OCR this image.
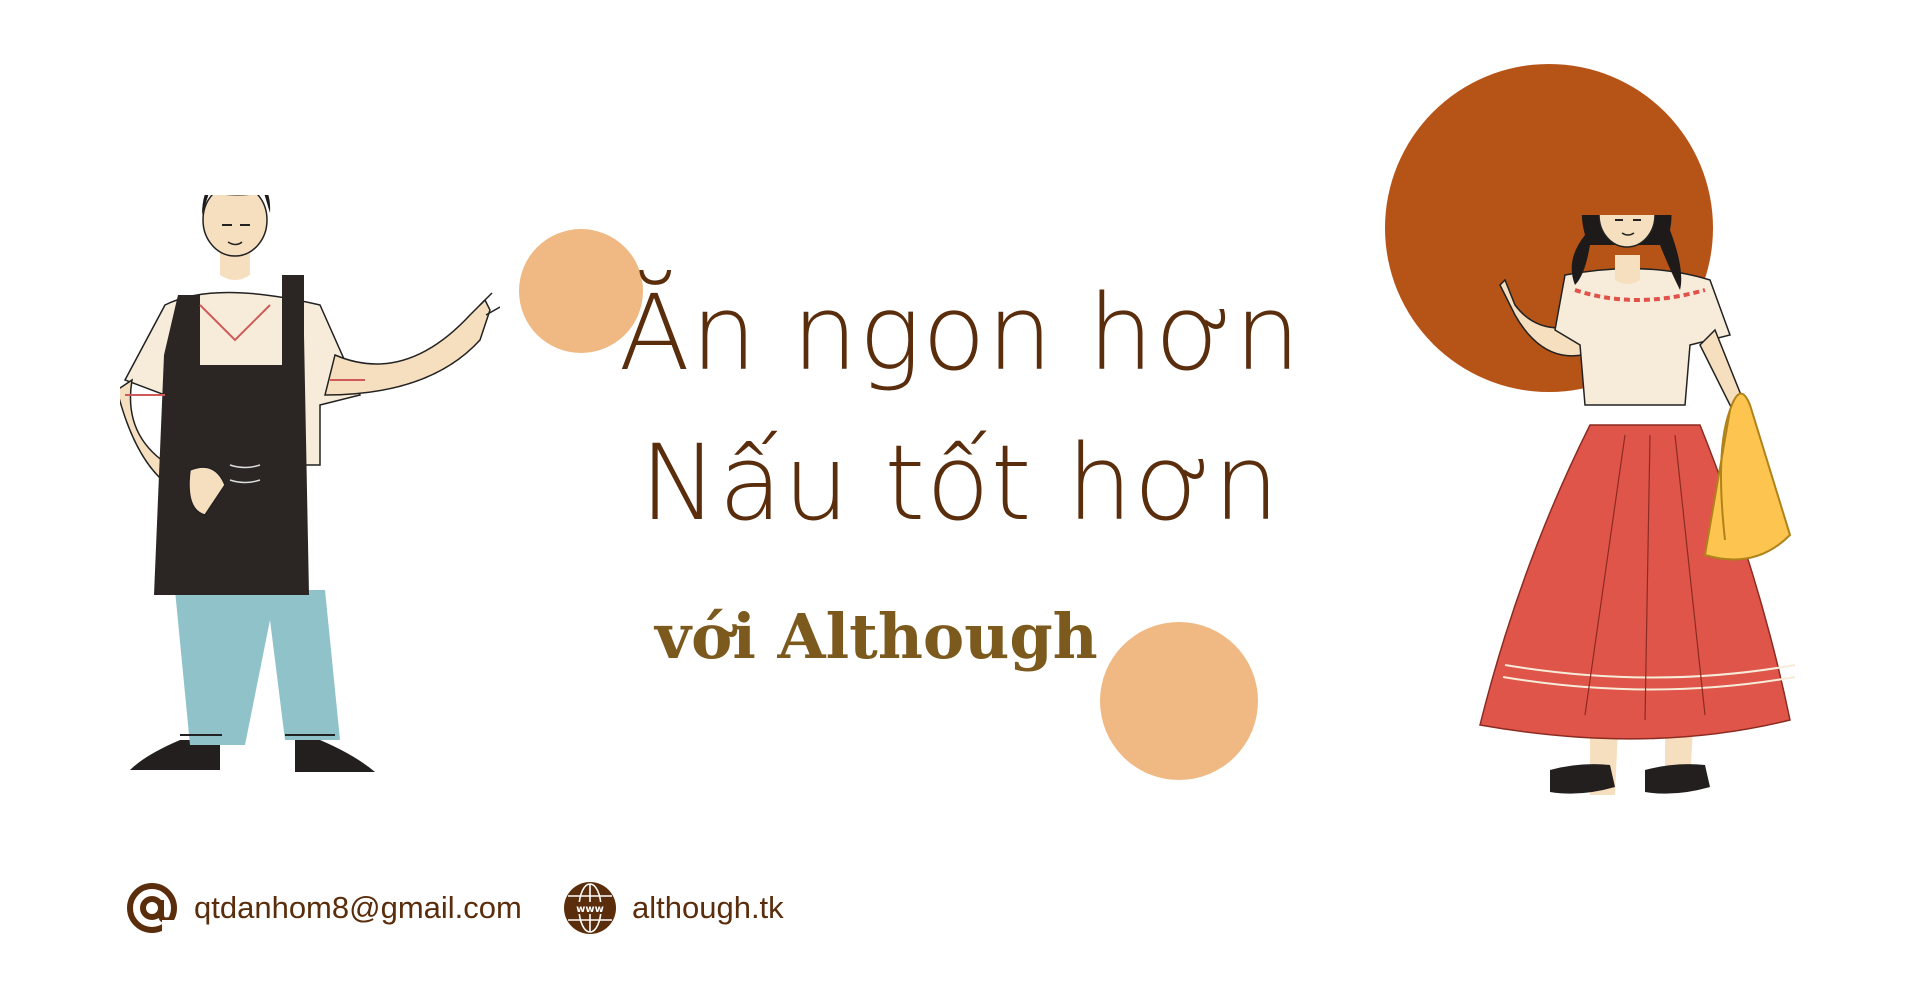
Ăn ngon hơn
Nấu tốt hơn
với Although
qtdanhom8@gmail.com	www although.tk
